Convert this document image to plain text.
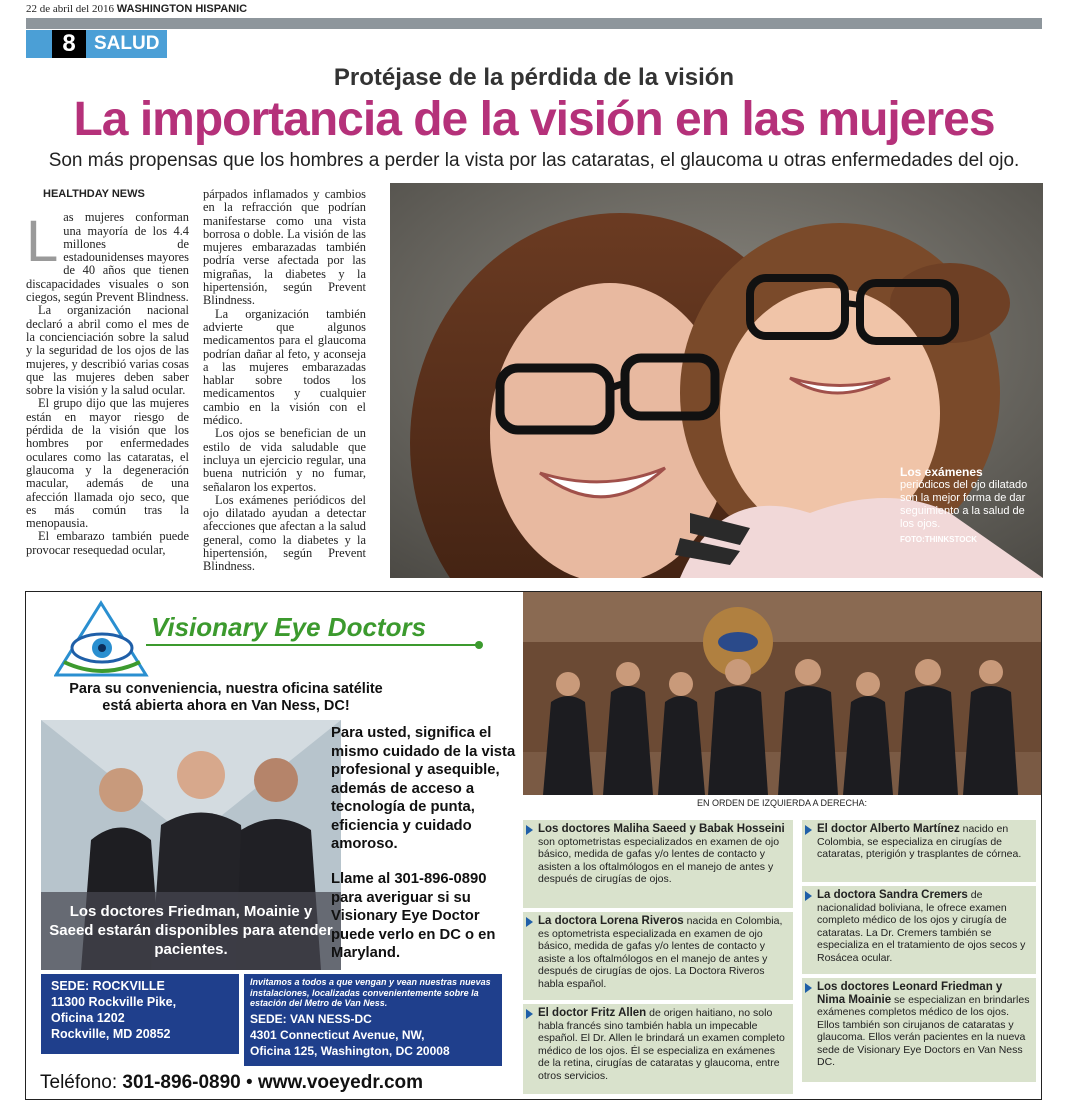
22 de abril del 2016 WASHINGTON HISPANIC
8 SALUD
Protéjase de la pérdida de la visión
La importancia de la visión en las mujeres
Son más propensas que los hombres a perder la vista por las cataratas, el glaucoma u otras enfermedades del ojo.
HEALTHDAY NEWS
L as mujeres conforman una mayoría de los 4.4 millones de estadounidenses mayores de 40 años que tienen discapacidades visuales o son ciegos, según Prevent Blindness.

La organización nacional declaró a abril como el mes de la concienciación sobre la salud y la seguridad de los ojos de las mujeres, y describió varias cosas que las mujeres deben saber sobre la visión y la salud ocular.

El grupo dijo que las mujeres están en mayor riesgo de pérdida de la visión que los hombres por enfermedades oculares como las cataratas, el glaucoma y la degeneración macular, además de una afección llamada ojo seco, que es más común tras la menopausia.

El embarazo también puede provocar resequedad ocular,

párpados inflamados y cambios en la refracción que podrían manifestarse como una vista borrosa o doble. La visión de las mujeres embarazadas también podría verse afectada por las migrañas, la diabetes y la hipertensión, según Prevent Blindness.

La organización también advierte que algunos medicamentos para el glaucoma podrían dañar al feto, y aconseja a las mujeres embarazadas hablar sobre todos los medicamentos y cualquier cambio en la visión con el médico.

Los ojos se benefician de un estilo de vida saludable que incluya un ejercicio regular, una buena nutrición y no fumar, señalaron los expertos.

Los exámenes periódicos del ojo dilatado ayudan a detectar afecciones que afectan a la salud general, como la diabetes y la hipertensión, según Prevent Blindness.

Los exámenes
periódicos del ojo dilatado son la mejor forma de dar seguimiento a la salud de los ojos.
FOTO:THINKSTOCK
Visionary Eye Doctors
Para su conveniencia, nuestra oficina satélite está abierta ahora en Van Ness, DC!
Los doctores Friedman, Moainie y Saeed estarán disponibles para atender pacientes.
Para usted, significa el mismo cuidado de la vista profesional y asequible, además de acceso a tecnología de punta, eficiencia y cuidado amoroso.
Llame al 301-896-0890 para averiguar si su Visionary Eye Doctor puede verlo en DC o en Maryland.
SEDE: ROCKVILLE
11300 Rockville Pike,
Oficina 1202
Rockville, MD 20852
Invitamos a todos a que vengan y vean nuestras nuevas instalaciones, localizadas convenientemente sobre la estación del Metro de Van Ness.
SEDE: VAN NESS-DC
4301 Connecticut Avenue, NW,
Oficina 125, Washington, DC 20008
Teléfono: 301-896-0890 • www.voeyedr.com
EN ORDEN DE IZQUIERDA A DERECHA:
Los doctores Maliha Saeed y Babak Hosseini son optometristas especializados en examen de ojo básico, medida de gafas y/o lentes de contacto y asisten a los oftalmólogos en el manejo de antes y después de cirugías de ojos.
La doctora Lorena Riveros nacida en Colombia, es optometrista especializada en examen de ojo básico, medida de gafas y/o lentes de contacto y asiste a los oftalmólogos en el manejo de antes y después de cirugías de ojos. La Doctora Riveros habla español.
El doctor Fritz Allen de origen haitiano, no solo habla francés sino también habla un impecable español. El Dr. Allen le brindará un examen completo médico de los ojos. Él se especializa en exámenes de la retina, cirugías de cataratas y glaucoma, entre otros servicios.
El doctor Alberto Martínez nacido en Colombia, se especializa en cirugías de cataratas, pterigión y trasplantes de córnea.
La doctora Sandra Cremers de nacionalidad boliviana, le ofrece examen completo médico de los ojos y cirugía de cataratas. La Dr. Cremers también se especializa en el tratamiento de ojos secos y Rosácea ocular.
Los doctores Leonard Friedman y Nima Moainie se especializan en brindarles exámenes completos médico de los ojos. Ellos también son cirujanos de cataratas y glaucoma. Ellos verán pacientes en la nueva sede de Visionary Eye Doctors en Van Ness DC.
